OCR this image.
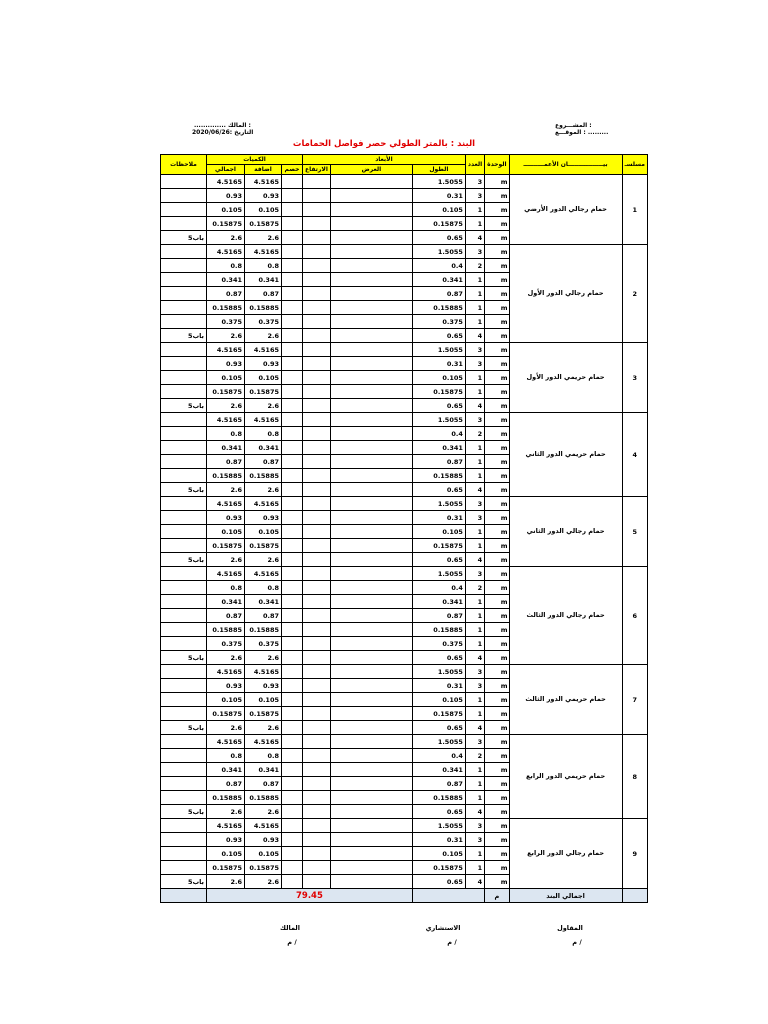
: المالك ..............
التاريخ :2020/06/26
: المشـــروع
......... : الموقـــع
البند : بالمتر الطولي حصر فواصل الحمامات
ملاحظات	الكميات			الأبعاد			العدد	الوحدة	بيـــــــــــــــــان الأعمــــــــــ	مسلسـ
	اجمالي	اضافة	خصم	الارتفاع	العرض	الطول				
	4.5165	4.5165				1.5055	3	m	حمام رجالي الدور الأرضي	1
	0.93	0.93				0.31	3	m		
	0.105	0.105				0.105	1	m		
	0.15875	0.15875				0.15875	1	m		
باب5	2.6	2.6				0.65	4	m		
	4.5165	4.5165				1.5055	3	m	حمام رجالي الدور الأول	2
	0.8	0.8				0.4	2	m		
	0.341	0.341				0.341	1	m		
	0.87	0.87				0.87	1	m		
	0.15885	0.15885				0.15885	1	m		
	0.375	0.375				0.375	1	m		
باب5	2.6	2.6				0.65	4	m		
	4.5165	4.5165				1.5055	3	m	حمام حريمي الدور الأول	3
	0.93	0.93				0.31	3	m		
	0.105	0.105				0.105	1	m		
	0.15875	0.15875				0.15875	1	m		
باب5	2.6	2.6				0.65	4	m		
	4.5165	4.5165				1.5055	3	m	حمام حريمي الدور الثاني	4
	0.8	0.8				0.4	2	m		
	0.341	0.341				0.341	1	m		
	0.87	0.87				0.87	1	m		
	0.15885	0.15885				0.15885	1	m		
باب5	2.6	2.6				0.65	4	m		
	4.5165	4.5165				1.5055	3	m	حمام رجالي الدور الثاني	5
	0.93	0.93				0.31	3	m		
	0.105	0.105				0.105	1	m		
	0.15875	0.15875				0.15875	1	m		
باب5	2.6	2.6				0.65	4	m		
	4.5165	4.5165				1.5055	3	m	حمام رجالي الدور الثالث	6
	0.8	0.8				0.4	2	m		
	0.341	0.341				0.341	1	m		
	0.87	0.87				0.87	1	m		
	0.15885	0.15885				0.15885	1	m		
	0.375	0.375				0.375	1	m		
باب5	2.6	2.6				0.65	4	m		
	4.5165	4.5165				1.5055	3	m	حمام حريمي الدور الثالث	7
	0.93	0.93				0.31	3	m		
	0.105	0.105				0.105	1	m		
	0.15875	0.15875				0.15875	1	m		
باب5	2.6	2.6				0.65	4	m		
	4.5165	4.5165				1.5055	3	m	حمام حريمي الدور الرابع	8
	0.8	0.8				0.4	2	m		
	0.341	0.341				0.341	1	m		
	0.87	0.87				0.87	1	m		
	0.15885	0.15885				0.15885	1	m		
باب5	2.6	2.6				0.65	4	m		
	4.5165	4.5165				1.5055	3	m	حمام رجالي الدور الرابع	9
	0.93	0.93				0.31	3	m		
	0.105	0.105				0.105	1	m		
	0.15875	0.15875				0.15875	1	m		
باب5	2.6	2.6				0.65	4	m		
	79.45							م	اجمالي البند	
المالك	الاستشاري	المقاول
/ م	/ م	/ م
